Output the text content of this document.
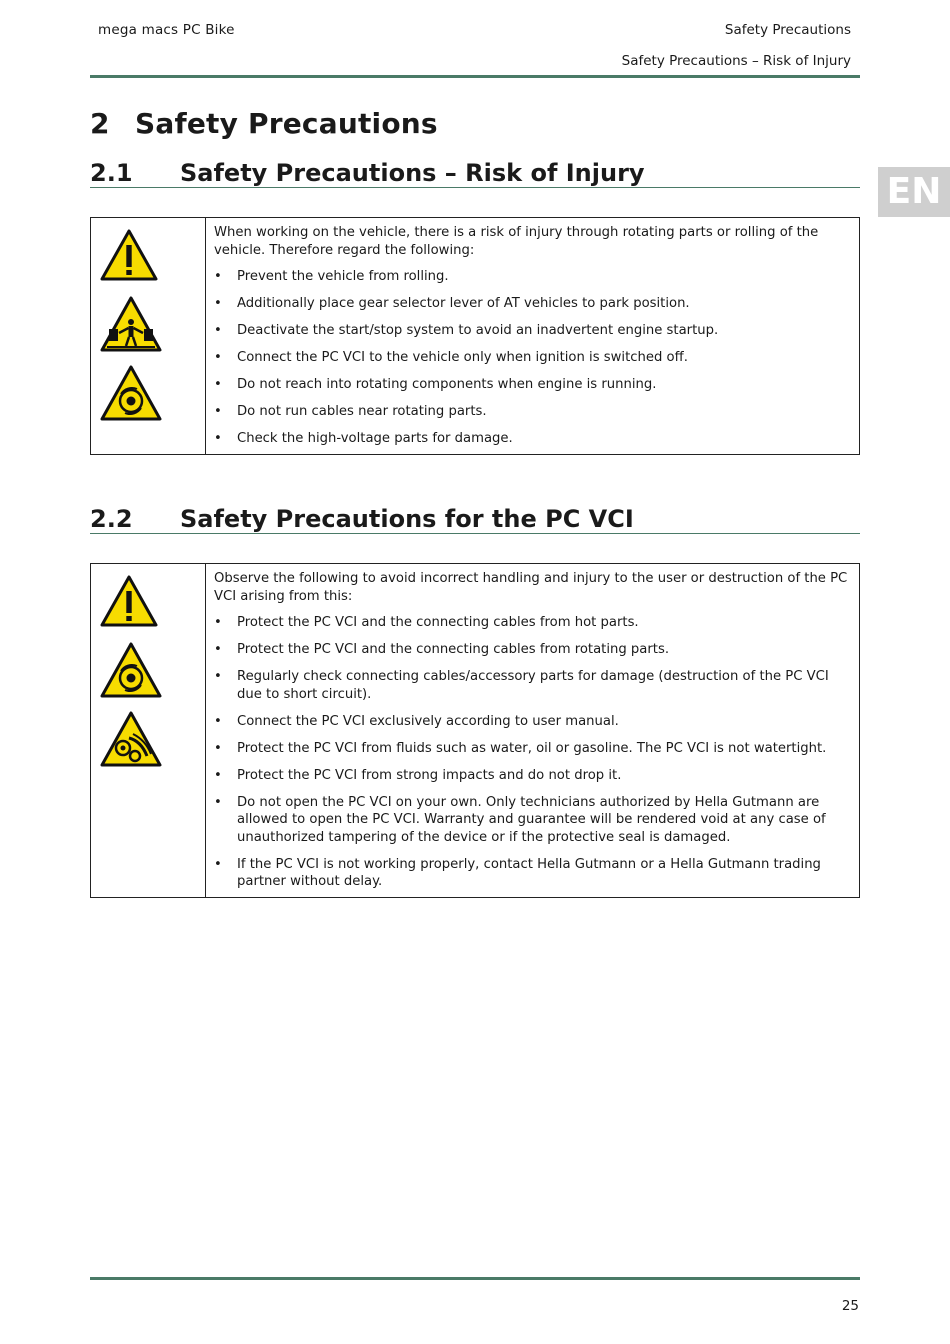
mega macs PC Bike	Safety Precautions
Safety Precautions – Risk of Injury
EN
2 Safety Precautions
2.1 Safety Precautions – Risk of Injury

When working on the vehicle, there is a risk of injury through rotating parts or rolling of the vehicle. Therefore regard the following:

• Prevent the vehicle from rolling.
• Additionally place gear selector lever of AT vehicles to park position.
• Deactivate the start/stop system to avoid an inadvertent engine startup.
• Connect the PC VCI to the vehicle only when ignition is switched off.
• Do not reach into rotating components when engine is running.
• Do not run cables near rotating parts.
• Check the high-voltage parts for damage.
2.2 Safety Precautions for the PC VCI

Observe the following to avoid incorrect handling and injury to the user or destruction of the PC VCI arising from this:

• Protect the PC VCI and the connecting cables from hot parts.
• Protect the PC VCI and the connecting cables from rotating parts.
• Regularly check connecting cables/accessory parts for damage (destruction of the PC VCI due to short circuit).
• Connect the PC VCI exclusively according to user manual.
• Protect the PC VCI from fluids such as water, oil or gasoline. The PC VCI is not watertight.
• Protect the PC VCI from strong impacts and do not drop it.
• Do not open the PC VCI on your own. Only technicians authorized by Hella Gutmann are allowed to open the PC VCI. Warranty and guarantee will be rendered void at any case of unauthorized tampering of the device or if the protective seal is damaged.
• If the PC VCI is not working properly, contact Hella Gutmann or a Hella Gutmann trading partner without delay.
25
